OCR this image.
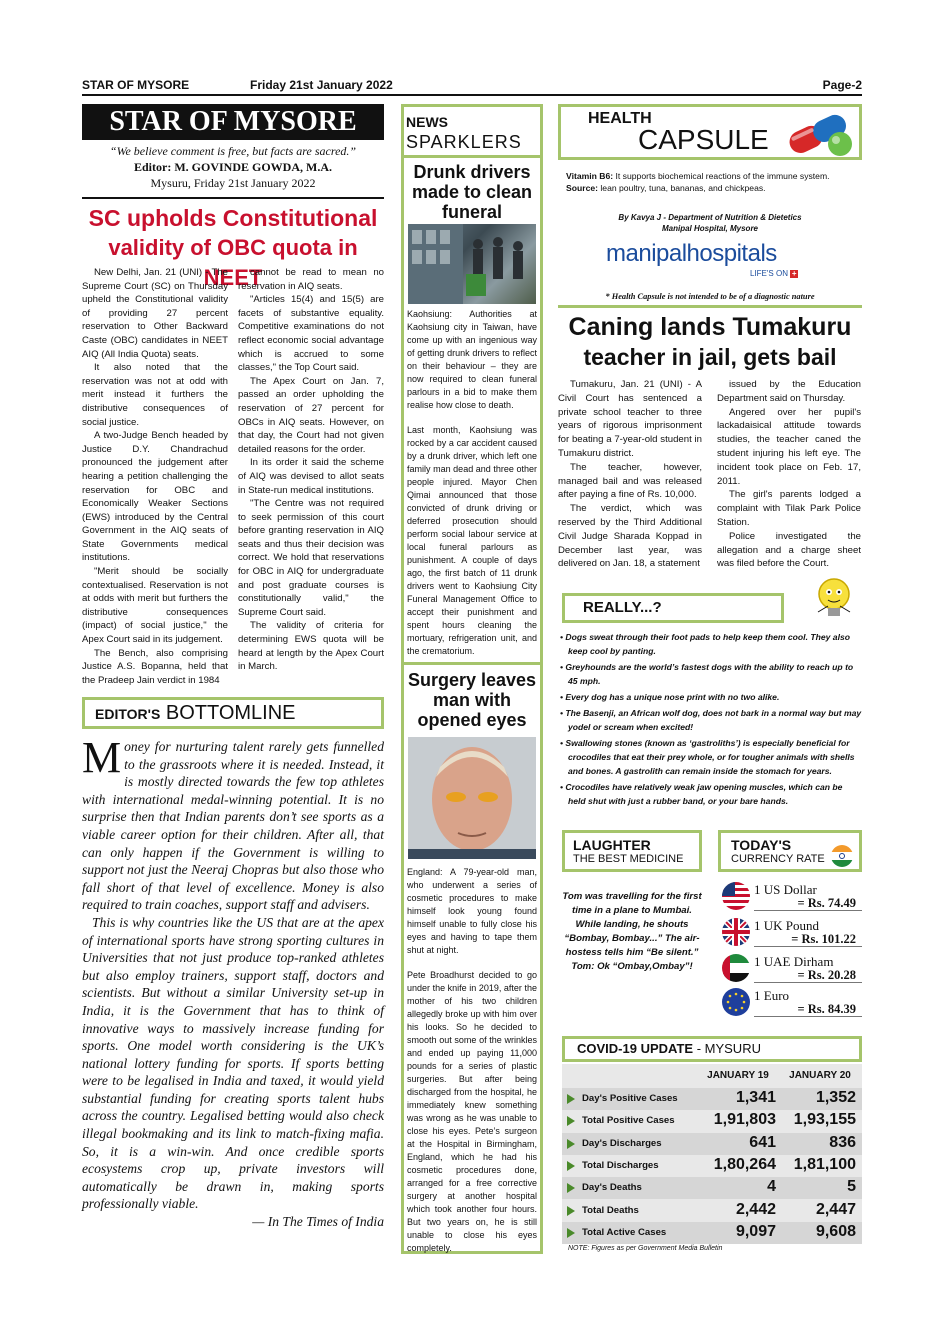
STAR OF MYSORE	Friday 21st January 2022	Page-2
STAR OF MYSORE
“We believe comment is free, but facts are sacred.”
Editor: M. GOVINDE GOWDA, M.A.
Mysuru, Friday 21st January 2022
SC upholds Constitutional
validity of OBC quota in NEET

New Delhi, Jan. 21 (UNI) - The Supreme Court (SC) on Thursday upheld the Constitutional validity of providing 27 percent reservation to Other Backward Caste (OBC) candidates in NEET AIQ (All India Quota) seats.

It also noted that the reservation was not at odd with merit instead it furthers the distributive consequences of social justice.

A two-Judge Bench headed by Justice D.Y. Chandrachud pronounced the judgement after hearing a petition challenging the reservation for OBC and Economically Weaker Sections (EWS) introduced by the Central Government in the AIQ seats of State Governments medical institutions.

"Merit should be socially contextualised. Reservation is not at odds with merit but furthers the distributive consequences (impact) of social justice," the Apex Court said in its judgement.

The Bench, also comprising Justice A.S. Bopanna, held that the Pradeep Jain verdict in 1984

cannot be read to mean no reservation in AIQ seats.

"Articles 15(4) and 15(5) are facets of substantive equality. Competitive examinations do not reflect economic social advantage which is accrued to some classes," the Top Court said.

The Apex Court on Jan. 7, passed an order upholding the reservation of 27 percent for OBCs in AIQ seats. However, on that day, the Court had not given detailed reasons for the order.

In its order it said the scheme of AIQ was devised to allot seats in State-run medical institutions.

"The Centre was not required to seek permission of this court before granting reservation in AIQ seats and thus their decision was correct. We hold that reservations for OBC in AIQ for undergraduate and post graduate courses is constitutionally valid," the Supreme Court said.

The validity of criteria for determining EWS quota will be heard at length by the Apex Court in March.

EDITOR'S BOTTOMLINE

Money for nurturing talent rarely gets funnelled to the grassroots where it is needed. Instead, it is mostly directed towards the few top athletes with international medal-winning potential. It is no surprise then that Indian parents don’t see sports as a viable career option for their children. After all, that can only happen if the Government is willing to support not just the Neeraj Chopras but also those who fall short of that level of excellence. Money is also required to train coaches, support staff and advisers.

This is why countries like the US that are at the apex of international sports have strong sporting cultures in Universities that not just produce top-ranked athletes but also employ trainers, support staff, doctors and scientists. But without a similar University set-up in India, it is the Government that has to think of innovative ways to massively increase funding for sports. One model worth considering is the UK’s national lottery funding for sports. If sports betting were to be legalised in India and taxed, it would yield substantial funding for creating sports talent hubs across the country. Legalised betting would also check illegal bookmaking and its link to match-fixing mafia. So, it is a win-win. And once credible sports ecosystems crop up, private investors will automatically be drawn in, making sports professionally viable.

— In The Times of India
NEWS
SPARKLERS
Drunk drivers made to clean funeral

Kaohsiung: Authorities at Kaohsiung city in Taiwan, have come up with an ingenious way of getting drunk drivers to reflect on their behaviour – they are now required to clean funeral parlours in a bid to make them realise how close to death.

Last month, Kaohsiung was rocked by a car accident caused by a drunk driver, which left one family man dead and three other people injured. Mayor Chen Qimai announced that those convicted of drunk driving or deferred prosecution should perform social labour service at local funeral parlours as punishment. A couple of days ago, the first batch of 11 drunk drivers went to Kaohsiung City Funeral Management Office to accept their punishment and spent hours cleaning the mortuary, refrigeration unit, and the crematorium.

Surgery leaves man with opened eyes

England: A 79-year-old man, who underwent a series of cosmetic procedures to make himself look young found himself unable to fully close his eyes and having to tape them shut at night.

Pete Broadhurst decided to go under the knife in 2019, after the mother of his two children allegedly broke up with him over his looks. So he decided to smooth out some of the wrinkles and ended up paying 11,000 pounds for a series of plastic surgeries. But after being discharged from the hospital, he immediately knew something was wrong as he was unable to close his eyes. Pete’s surgeon at the Hospital in Birmingham, England, which he had his cosmetic procedures done, arranged for a free corrective surgery at another hospital which took another four hours. But two years on, he is still unable to close his eyes completely.

HEALTH
CAPSULE
Vitamin B6: It supports biochemical reactions of the immune system.
Source: lean poultry, tuna, bananas, and chickpeas.
By Kavya J - Department of Nutrition & Dietetics
Manipal Hospital, Mysore
manipalhospitals
LIFE'S ON +
* Health Capsule is not intended to be of a diagnostic nature
Caning lands Tumakuru
teacher in jail, gets bail

Tumakuru, Jan. 21 (UNI) - A Civil Court has sentenced a private school teacher to three years of rigorous imprisonment for beating a 7-year-old student in Tumakuru district.

The teacher, however, managed bail and was released after paying a fine of Rs. 10,000.

The verdict, which was reserved by the Third Additional Civil Judge Sharada Koppad in December last year, was delivered on Jan. 18, a statement

issued by the Education Department said on Thursday.

Angered over her pupil's lackadaisical attitude towards studies, the teacher caned the student injuring his left eye. The incident took place on Feb. 17, 2011.

The girl's parents lodged a complaint with Tilak Park Police Station.

Police investigated the allegation and a charge sheet was filed before the Court.

REALLY...?
• Dogs sweat through their foot pads to help keep them cool. They also keep cool by panting.
• Greyhounds are the world’s fastest dogs with the ability to reach up to 45 mph.
• Every dog has a unique nose print with no two alike.
• The Basenji, an African wolf dog, does not bark in a normal way but may yodel or scream when excited!
• Swallowing stones (known as ‘gastroliths’) is especially beneficial for crocodiles that eat their prey whole, or for tougher animals with shells and bones. A gastrolith can remain inside the stomach for years.
• Crocodiles have relatively weak jaw opening muscles, which can be held shut with just a rubber band, or your bare hands.
LAUGHTER
THE BEST MEDICINE
TODAY'S
CURRENCY RATE
Tom was travelling for the first time in a plane to Mumbai.
While landing, he shouts “Bombay, Bombay...” The air-hostess tells him “Be silent.”
Tom: Ok “Ombay,Ombay”!
1 US Dollar
= Rs. 74.49
1 UK Pound
= Rs. 101.22
1 UAE Dirham
= Rs. 20.28
1 Euro
= Rs. 84.39
COVID-19 UPDATE - MYSURU
JANUARY 19	JANUARY 20
Day's Positive Cases	1,341	1,352
Total Positive Cases	1,91,803	1,93,155
Day's Discharges	641	836
Total Discharges	1,80,264	1,81,100
Day's Deaths	4	5
Total Deaths	2,442	2,447
Total Active Cases	9,097	9,608
NOTE: Figures as per Government Media Bulletin
